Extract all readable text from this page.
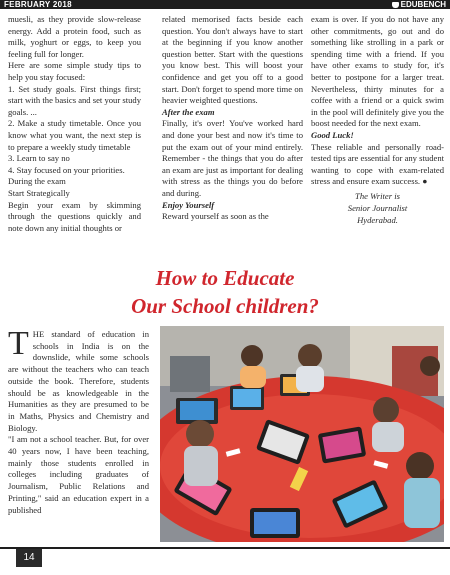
FEBRUARY 2018	EDUBENCH

muesli, as they provide slow-release energy. Add a protein food, such as milk, yoghurt or eggs, to keep you feeling full for longer.

Here are some simple study tips to help you stay focused:

1. Set study goals. First things first; start with the basics and set your study goals. ...

2. Make a study timetable. Once you know what you want, the next step is to prepare a weekly study timetable

3. Learn to say no

4. Stay focused on your priorities.

During the exam

Start Strategically

Begin your exam by skimming through the questions quickly and note down any initial thoughts or

related memorised facts beside each question. You don't always have to start at the beginning if you know another question better. Start with the questions you know best. This will boost your confidence and get you off to a good start. Don't forget to spend more time on heavier weighted questions.

After the exam

Finally, it's over! You've worked hard and done your best and now it's time to put the exam out of your mind entirely. Remember - the things that you do after an exam are just as important for dealing with stress as the things you do before and during.

Enjoy Yourself

Reward yourself as soon as the

exam is over. If you do not have any other commitments, go out and do something like strolling in a park or spending time with a friend. If you have other exams to study for, it's better to postpone for a larger treat. Nevertheless, thirty minutes for a coffee with a friend or a quick swim in the pool will definitely give you the boost needed for the next exam.

Good Luck!

These reliable and personally road-tested tips are essential for any student wanting to cope with exam-related stress and ensure exam success. ●

The Writer is
Senior Journalist
Hyderabad.
How to Educate
Our School children?

THE standard of education in schools in India is on the downslide, while some schools are without the teachers who can teach outside the book. Therefore, students should be as knowledgeable in the Humanities as they are presumed to be in Maths, Physics and Chemistry and Biology.

"I am not a school teacher. But, for over 40 years now, I have been teaching, mainly those students enrolled in colleges including graduates of Journalism, Public Relations and Printing," said an education expert in a published

14
